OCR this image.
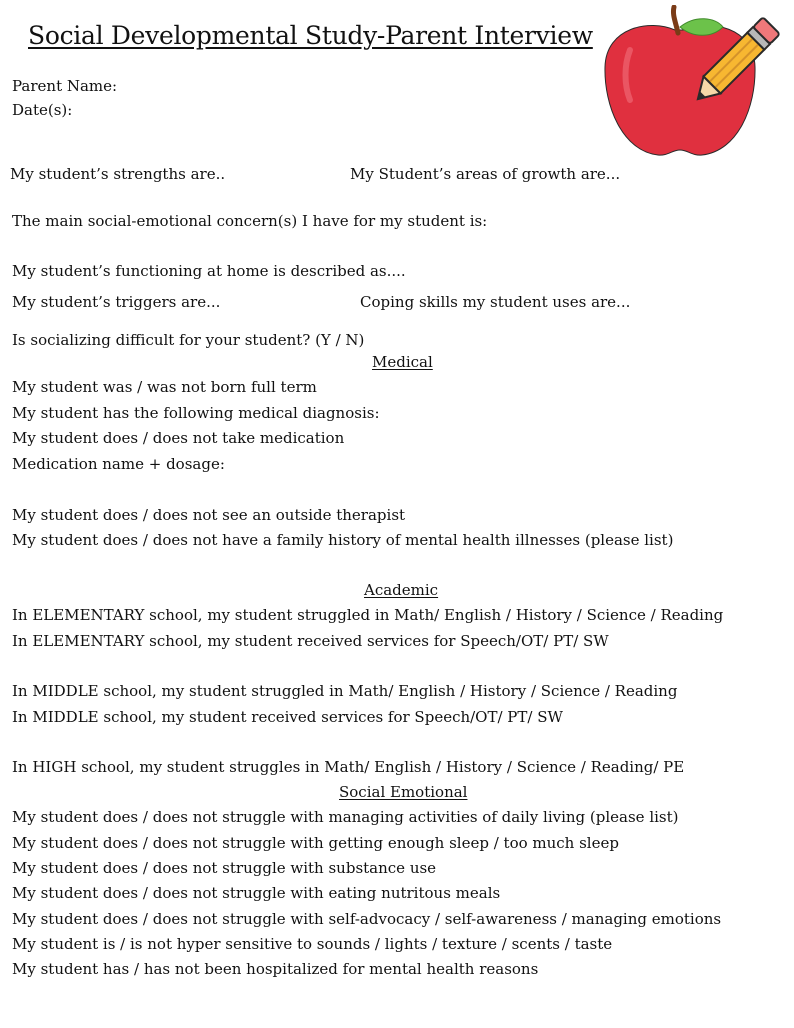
Social Developmental Study-Parent Interview
Parent Name:
Date(s):
My student’s strengths are..	My Student’s areas of growth are...
The main social-emotional concern(s) I have for my student is:
My student’s functioning at home is described as....
My student’s triggers are...	Coping skills my student uses are...
Is socializing difficult for your student? (Y / N)
Medical
My student was / was not born full term
My student has the following medical diagnosis:
My student does / does not take medication
Medication name + dosage:
My student does / does not see an outside therapist
My student does / does not have a family history of mental health illnesses (please list)
Academic
In ELEMENTARY school, my student struggled in Math/ English / History / Science / Reading
In ELEMENTARY school, my student received services for Speech/OT/ PT/ SW
In MIDDLE school, my student struggled in Math/ English / History / Science / Reading
In MIDDLE school, my student received services for Speech/OT/ PT/ SW
In HIGH school, my student struggles in Math/ English / History / Science / Reading/ PE
Social Emotional
My student does / does not struggle with managing activities of daily living (please list)
My student does / does not struggle with getting enough sleep / too much sleep
My student does / does not struggle with substance use
My student does / does not struggle with eating nutritous meals
My student does / does not struggle with self-advocacy / self-awareness / managing emotions
My student is / is not hyper sensitive to sounds / lights / texture / scents / taste
My student has / has not been hospitalized for mental health reasons
